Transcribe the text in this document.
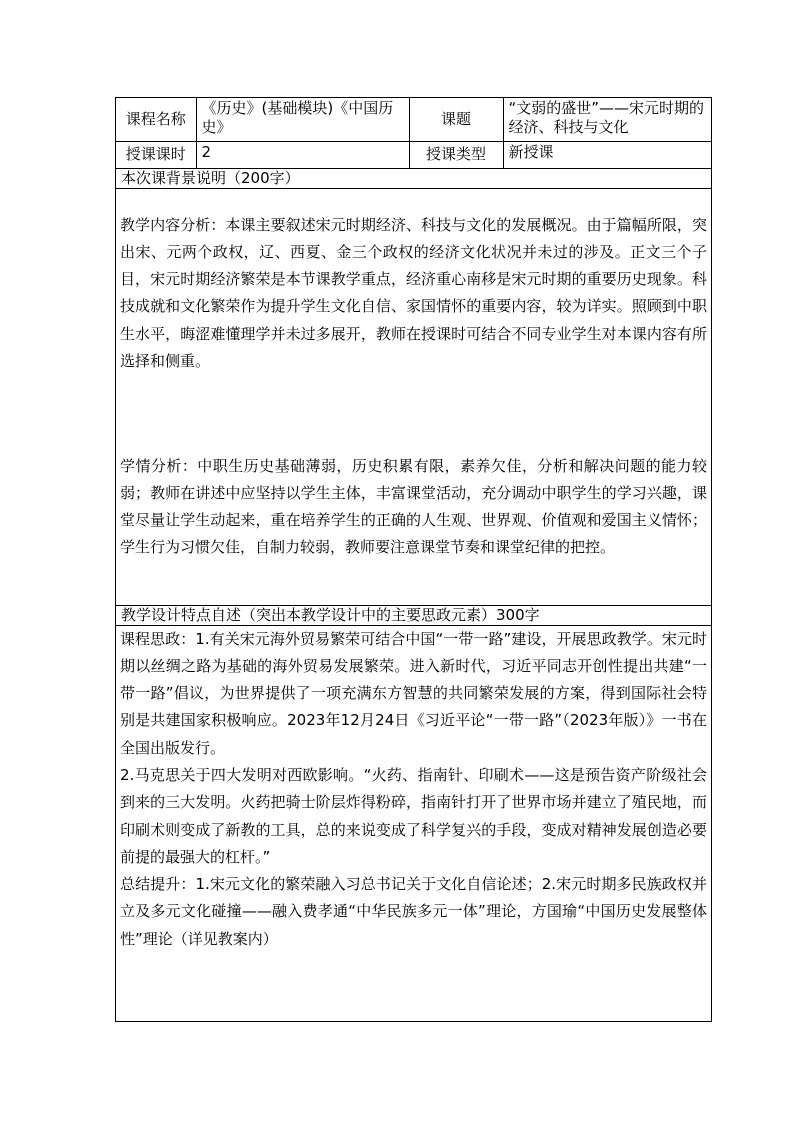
课程名称	《历史》(基础模块)《中国历史》	课题	“文弱的盛世”——宋元时期的经济、科技与文化
授课课时	2	授课类型	新授课
本次课背景说明（200字）

教学内容分析：本课主要叙述宋元时期经济、科技与文化的发展概况。由于篇幅所限，突出宋、元两个政权，辽、西夏、金三个政权的经济文化状况并未过的涉及。正文三个子目，宋元时期经济繁荣是本节课教学重点，经济重心南移是宋元时期的重要历史现象。科技成就和文化繁荣作为提升学生文化自信、家国情怀的重要内容，较为详实。照顾到中职生水平，晦涩难懂理学并未过多展开，教师在授课时可结合不同专业学生对本课内容有所选择和侧重。

学情分析：中职生历史基础薄弱，历史积累有限，素养欠佳，分析和解决问题的能力较弱；教师在讲述中应坚持以学生主体，丰富课堂活动，充分调动中职学生的学习兴趣，课堂尽量让学生动起来，重在培养学生的正确的人生观、世界观、价值观和爱国主义情怀；学生行为习惯欠佳，自制力较弱，教师要注意课堂节奏和课堂纪律的把控。

教学设计特点自述（突出本教学设计中的主要思政元素）300字

课程思政：1.有关宋元海外贸易繁荣可结合中国“一带一路”建设，开展思政教学。宋元时期以丝绸之路为基础的海外贸易发展繁荣。进入新时代，习近平同志开创性提出共建“一带一路”倡议，为世界提供了一项充满东方智慧的共同繁荣发展的方案，得到国际社会特别是共建国家积极响应。2023年12月24日《习近平论“一带一路”（2023年版）》一书在全国出版发行。

2.马克思关于四大发明对西欧影响。“火药、指南针、印刷术——这是预告资产阶级社会到来的三大发明。火药把骑士阶层炸得粉碎，指南针打开了世界市场并建立了殖民地，而印刷术则变成了新教的工具，总的来说变成了科学复兴的手段，变成对精神发展创造必要前提的最强大的杠杆。”

总结提升：1.宋元文化的繁荣融入习总书记关于文化自信论述；2.宋元时期多民族政权并立及多元文化碰撞——融入费孝通“中华民族多元一体”理论，方国瑜“中国历史发展整体性”理论（详见教案内）
